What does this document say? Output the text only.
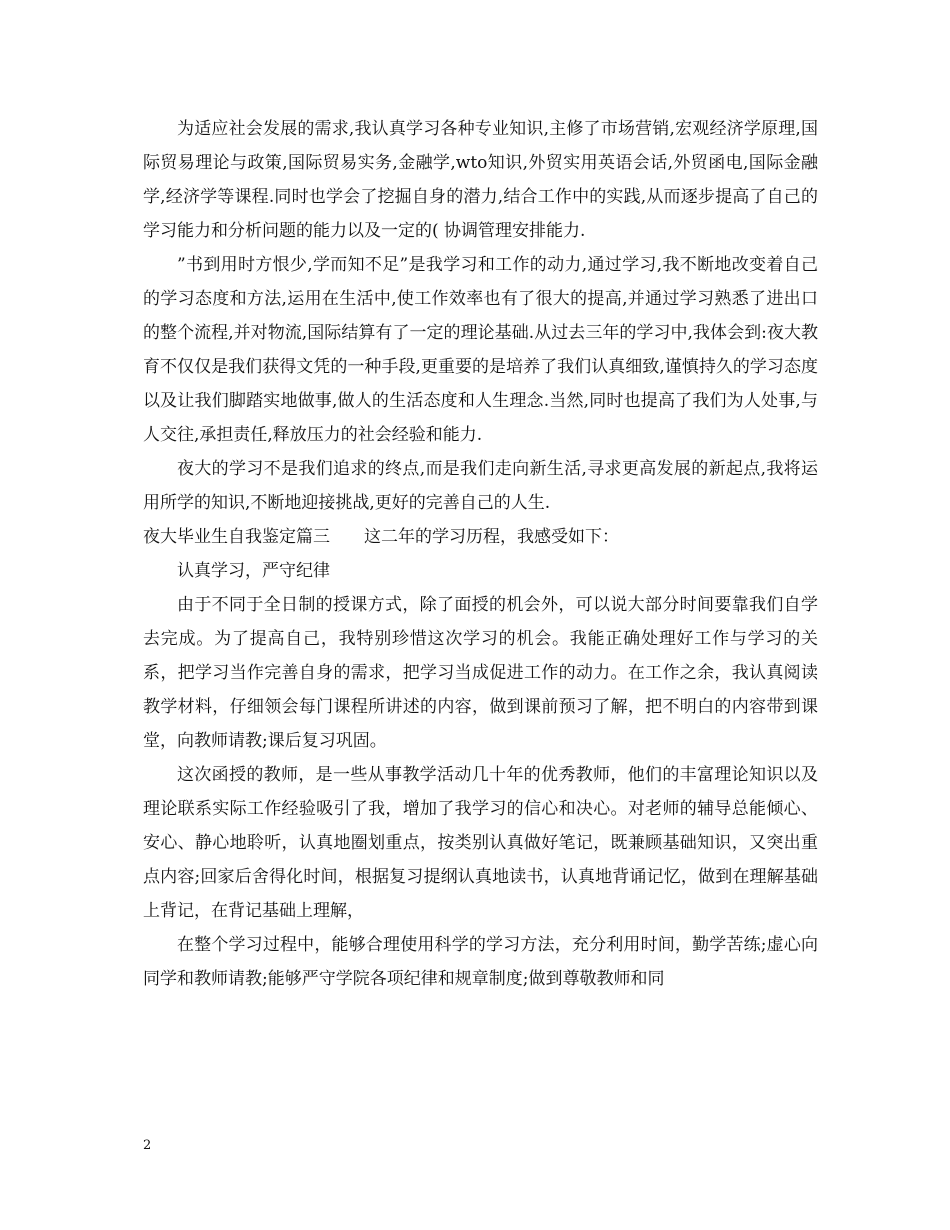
为适应社会发展的需求,我认真学习各种专业知识,主修了市场营销,宏观经济学原理,国际贸易理论与政策,国际贸易实务,金融学,wto知识,外贸实用英语会话,外贸函电,国际金融学,经济学等课程.同时也学会了挖掘自身的潜力,结合工作中的实践,从而逐步提高了自己的学习能力和分析问题的能力以及一定的( 协调管理安排能力.

”书到用时方恨少,学而知不足”是我学习和工作的动力,通过学习,我不断地改变着自己的学习态度和方法,运用在生活中,使工作效率也有了很大的提高,并通过学习熟悉了进出口的整个流程,并对物流,国际结算有了一定的理论基础.从过去三年的学习中,我体会到:夜大教育不仅仅是我们获得文凭的一种手段,更重要的是培养了我们认真细致,谨慎持久的学习态度以及让我们脚踏实地做事,做人的生活态度和人生理念.当然,同时也提高了我们为人处事,与人交往,承担责任,释放压力的社会经验和能力.

夜大的学习不是我们追求的终点,而是我们走向新生活,寻求更高发展的新起点,我将运用所学的知识,不断地迎接挑战,更好的完善自己的人生.

夜大毕业生自我鉴定篇三 这二年的学习历程，我感受如下：

认真学习，严守纪律

由于不同于全日制的授课方式，除了面授的机会外，可以说大部分时间要靠我们自学去完成。为了提高自己，我特别珍惜这次学习的机会。我能正确处理好工作与学习的关系，把学习当作完善自身的需求，把学习当成促进工作的动力。在工作之余，我认真阅读教学材料，仔细领会每门课程所讲述的内容，做到课前预习了解，把不明白的内容带到课堂，向教师请教;课后复习巩固。

这次函授的教师，是一些从事教学活动几十年的优秀教师，他们的丰富理论知识以及理论联系实际工作经验吸引了我，增加了我学习的信心和决心。对老师的辅导总能倾心、安心、静心地聆听，认真地圈划重点，按类别认真做好笔记，既兼顾基础知识，又突出重点内容;回家后舍得化时间，根据复习提纲认真地读书，认真地背诵记忆，做到在理解基础上背记，在背记基础上理解，

在整个学习过程中，能够合理使用科学的学习方法，充分利用时间，勤学苦练;虚心向同学和教师请教;能够严守学院各项纪律和规章制度;做到尊敬教师和同

2
